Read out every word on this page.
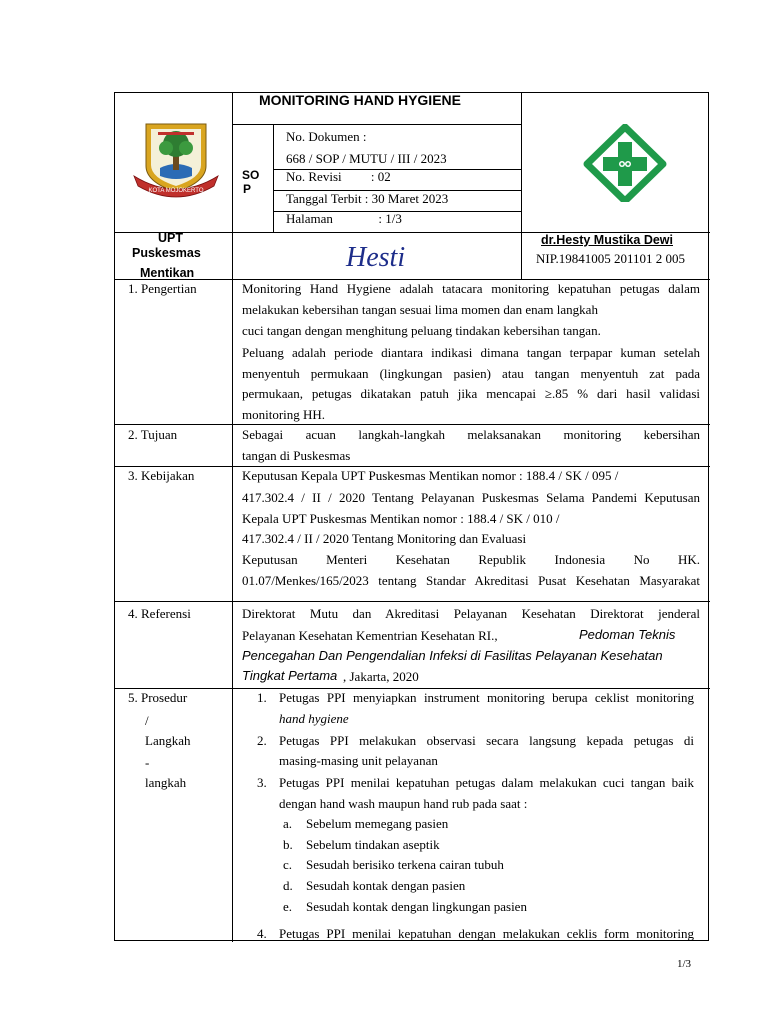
MONITORING HAND HYGIENE
KOTA MOJOKERTO
SO
P
No. Dokumen :
668 / SOP / MUTU / III / 2023
No. Revisi         : 02
Tanggal Terbit : 30 Maret 2023
Halaman              : 1/3
UPT
Puskesmas
Mentikan	Hesti
dr.Hesty Mustika Dewi
NIP.19841005 201101 2 005
1. Pengertian
2. Tujuan
3. Kebijakan
4. Referensi
5. Prosedur
/
Langkah
-
langkah
Monitoring Hand Hygiene adalah tatacara monitoring kepatuhan petugas dalam
melakukan kebersihan tangan sesuai lima momen dan enam langkah
cuci tangan dengan menghitung peluang tindakan kebersihan tangan.
Peluang adalah periode diantara indikasi dimana tangan terpapar kuman setelah
menyentuh permukaan (lingkungan pasien) atau tangan menyentuh zat pada
permukaan, petugas dikatakan patuh jika mencapai ≥.85 % dari hasil validasi
monitoring HH.
Sebagai acuan langkah-langkah melaksanakan monitoring kebersihan
tangan di Puskesmas
Keputusan Kepala UPT Puskesmas Mentikan nomor : 188.4 / SK / 095 /
417.302.4 / II / 2020 Tentang Pelayanan Puskesmas Selama Pandemi Keputusan
Kepala UPT Puskesmas Mentikan nomor : 188.4 / SK / 010 /
417.302.4 / II / 2020 Tentang Monitoring dan Evaluasi
Keputusan Menteri Kesehatan Republik Indonesia No HK.
01.07/Menkes/165/2023 tentang Standar Akreditasi Pusat Kesehatan Masyarakat
Direktorat Mutu dan Akreditasi Pelayanan Kesehatan Direktorat jenderal
Pelayanan Kesehatan Kementrian Kesehatan RI.,	Pedoman Teknis
Pencegahan Dan Pengendalian Infeksi di Fasilitas Pelayanan Kesehatan
Tingkat Pertama , Jakarta, 2020
1. Petugas PPI menyiapkan instrument monitoring berupa ceklist monitoring
hand hygiene
2. Petugas PPI melakukan observasi secara langsung kepada petugas di
masing-masing unit pelayanan
3. Petugas PPI menilai kepatuhan petugas dalam melakukan cuci tangan baik
dengan hand wash maupun hand rub pada saat :
a. Sebelum memegang pasien
b. Sebelum tindakan aseptik
c. Sesudah berisiko terkena cairan tubuh
d. Sesudah kontak dengan pasien
e. Sesudah kontak dengan lingkungan pasien
4. Petugas PPI menilai kepatuhan dengan melakukan ceklis form monitoring
1/3
